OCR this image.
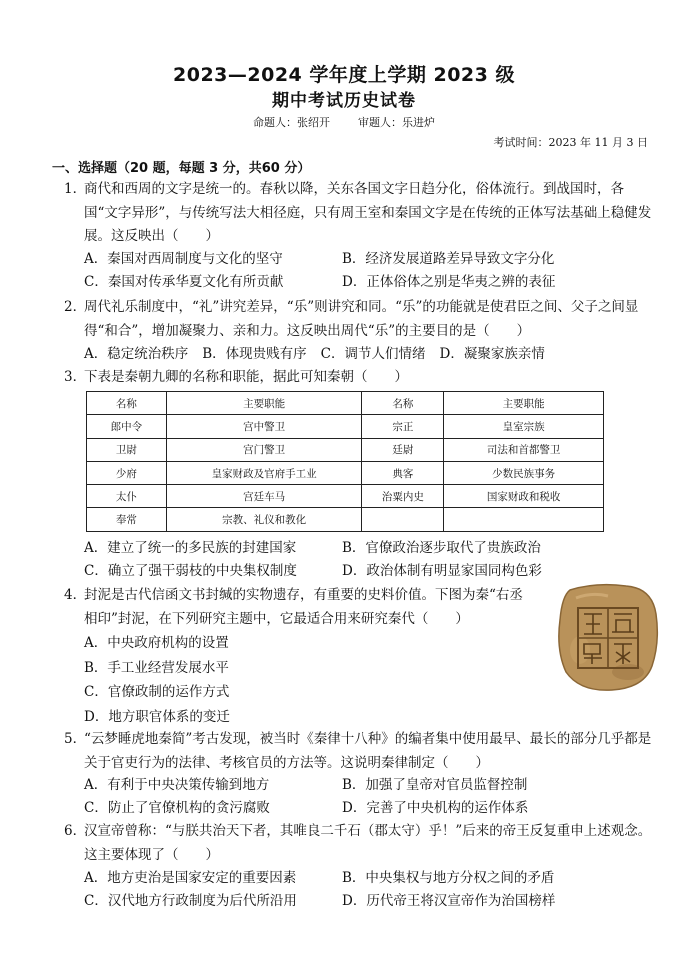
2023—2024 学年度上学期 2023 级
期中考试历史试卷
命题人：张绍开	审题人：乐进炉
考试时间：2023 年 11 月 3 日
一、选择题（20 题，每题 3 分，共60 分）
1．
商代和西周的文字是统一的。春秋以降，关东各国文字日趋分化，俗体流行。到战国时，各国“文字异形”，与传统写法大相径庭，只有周王室和秦国文字是在传统的正体写法基础上稳健发展。这反映出（　　）
A．秦国对西周制度与文化的坚守	B．经济发展道路差异导致文字分化
C．秦国对传承华夏文化有所贡献	D．正体俗体之别是华夷之辨的表征
2．
周代礼乐制度中，“礼”讲究差异，“乐”则讲究和同。“乐”的功能就是使君臣之间、父子之间显得“和合”，增加凝聚力、亲和力。这反映出周代“乐”的主要目的是（　　）
A．稳定统治秩序 B．体现贵贱有序 C．调节人们情绪 D．凝聚家族亲情
3．
下表是秦朝九卿的名称和职能，据此可知秦朝（　　）
名称	主要职能	名称	主要职能
郎中令	宫中警卫	宗正	皇室宗族
卫尉	宫门警卫	廷尉	司法和首都警卫
少府	皇家财政及官府手工业	典客	少数民族事务
太仆	宫廷车马	治粟内史	国家财政和税收
奉常	宗教、礼仪和教化		
A．建立了统一的多民族的封建国家	B．官僚政治逐步取代了贵族政治
C．确立了强干弱枝的中央集权制度	D．政治体制有明显家国同构色彩
4．
封泥是古代信函文书封缄的实物遗存，有重要的史料价值。下图为秦“右丞相印”封泥，在下列研究主题中，它最适合用来研究秦代（　　）
A．中央政府机构的设置
B．手工业经营发展水平
C．官僚政制的运作方式
D．地方职官体系的变迁
5．
“云梦睡虎地秦简”考古发现，被当时《秦律十八种》的编者集中使用最早、最长的部分几乎都是关于官吏行为的法律、考核官员的方法等。这说明秦律制定（　　）
A．有利于中央决策传输到地方	B．加强了皇帝对官员监督控制
C．防止了官僚机构的贪污腐败	D．完善了中央机构的运作体系
6．
汉宣帝曾称：“与朕共治天下者，其唯良二千石（郡太守）乎！”后来的帝王反复重申上述观念。这主要体现了（　　）
A．地方吏治是国家安定的重要因素	B．中央集权与地方分权之间的矛盾
C．汉代地方行政制度为后代所沿用	D．历代帝王将汉宣帝作为治国榜样
